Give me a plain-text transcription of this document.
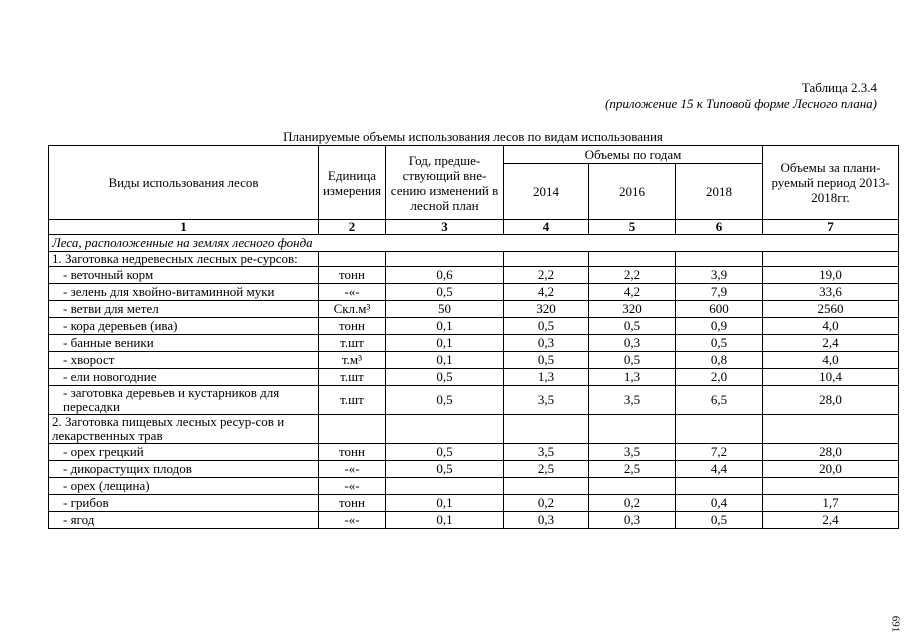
Таблица 2.3.4
(приложение 15 к Типовой форме Лесного плана)
Планируемые объемы использования лесов по видам использования
Виды использования лесов	Единица измерения	Год, предше-ствующий вне-сению изменений в лесной план	Объемы по годам			Объемы за плани-руемый период 2013-2018гг.
			2014	2016	2018	
1	2	3	4	5	6	7
Леса, расположенные на землях лесного фонда						
1. Заготовка недревесных лесных ре-сурсов:						
- веточный корм	тонн	0,6	2,2	2,2	3,9	19,0
- зелень для хвойно-витаминной муки	-«-	0,5	4,2	4,2	7,9	33,6
- ветви для метел	Скл.м³	50	320	320	600	2560
- кора деревьев (ива)	тонн	0,1	0,5	0,5	0,9	4,0
- банные веники	т.шт	0,1	0,3	0,3	0,5	2,4
- хворост	т.м³	0,1	0,5	0,5	0,8	4,0
- ели новогодние	т.шт	0,5	1,3	1,3	2,0	10,4
- заготовка деревьев и кустарников для пересадки	т.шт	0,5	3,5	3,5	6,5	28,0
2. Заготовка пищевых лесных ресур-сов и лекарственных трав						
- орех грецкий	тонн	0,5	3,5	3,5	7,2	28,0
- дикорастущих плодов	-«-	0,5	2,5	2,5	4,4	20,0
- орех (лещина)	-«-					
- грибов	тонн	0,1	0,2	0,2	0,4	1,7
- ягод	-«-	0,1	0,3	0,3	0,5	2,4
691
